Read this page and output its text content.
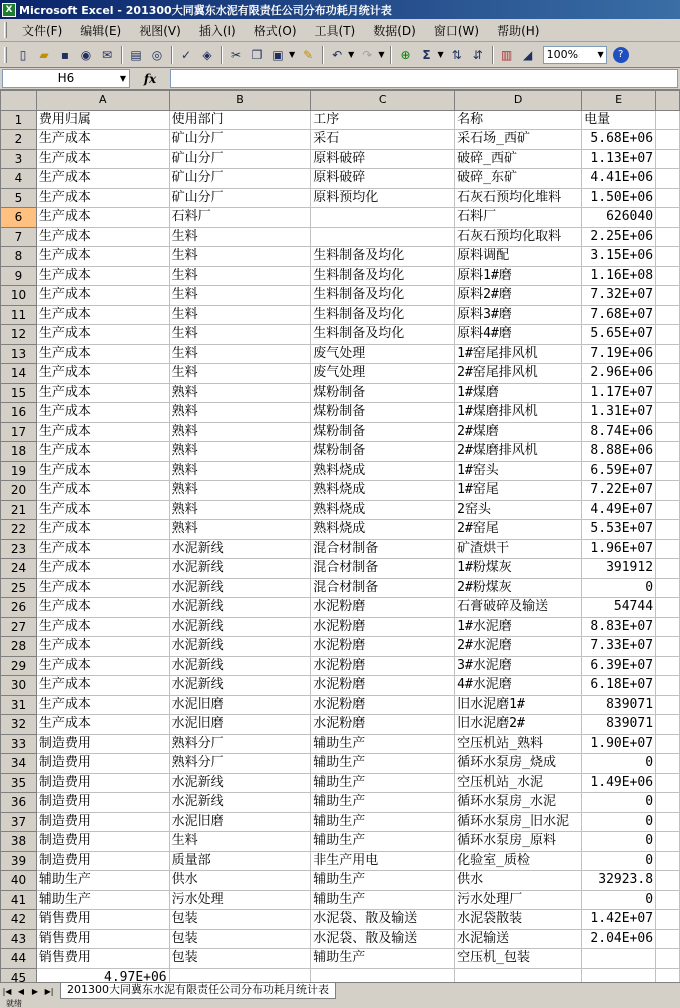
X Microsoft Excel - 201300大同冀东水泥有限责任公司分布功耗月统计表
文件(F)	编辑(E)	视图(V)	插入(I)	格式(O)	工具(T)	数据(D)	窗口(W)	帮助(H)
▯	▰	▪ ◉ ✉	▤ ◎	✓ ◈	✂ ❐ ▣ ▼ ✎	↶ ▼ ↷ ▼	⊕ Σ ▼ ⇅ ⇵	▥ ◢	100% ▼	?
H6	▼	fx
	A	B	C	D	E	
1	费用归属	使用部门	工序	名称	电量	
2	生产成本	矿山分厂	采石	采石场_西矿	5.68E+06	
3	生产成本	矿山分厂	原料破碎	破碎_西矿	1.13E+07	
4	生产成本	矿山分厂	原料破碎	破碎_东矿	4.41E+06	
5	生产成本	矿山分厂	原料预均化	石灰石预均化堆料	1.50E+06	
6	生产成本	石料厂		石料厂	626040	
7	生产成本	生料		石灰石预均化取料	2.25E+06	
8	生产成本	生料	生料制备及均化	原料调配	3.15E+06	
9	生产成本	生料	生料制备及均化	原料1#磨	1.16E+08	
10	生产成本	生料	生料制备及均化	原料2#磨	7.32E+07	
11	生产成本	生料	生料制备及均化	原料3#磨	7.68E+07	
12	生产成本	生料	生料制备及均化	原料4#磨	5.65E+07	
13	生产成本	生料	废气处理	1#窑尾排风机	7.19E+06	
14	生产成本	生料	废气处理	2#窑尾排风机	2.96E+06	
15	生产成本	熟料	煤粉制备	1#煤磨	1.17E+07	
16	生产成本	熟料	煤粉制备	1#煤磨排风机	1.31E+07	
17	生产成本	熟料	煤粉制备	2#煤磨	8.74E+06	
18	生产成本	熟料	煤粉制备	2#煤磨排风机	8.88E+06	
19	生产成本	熟料	熟料烧成	1#窑头	6.59E+07	
20	生产成本	熟料	熟料烧成	1#窑尾	7.22E+07	
21	生产成本	熟料	熟料烧成	2窑头	4.49E+07	
22	生产成本	熟料	熟料烧成	2#窑尾	5.53E+07	
23	生产成本	水泥新线	混合材制备	矿渣烘干	1.96E+07	
24	生产成本	水泥新线	混合材制备	1#粉煤灰	391912	
25	生产成本	水泥新线	混合材制备	2#粉煤灰	0	
26	生产成本	水泥新线	水泥粉磨	石膏破碎及输送	54744	
27	生产成本	水泥新线	水泥粉磨	1#水泥磨	8.83E+07	
28	生产成本	水泥新线	水泥粉磨	2#水泥磨	7.33E+07	
29	生产成本	水泥新线	水泥粉磨	3#水泥磨	6.39E+07	
30	生产成本	水泥新线	水泥粉磨	4#水泥磨	6.18E+07	
31	生产成本	水泥旧磨	水泥粉磨	旧水泥磨1#	839071	
32	生产成本	水泥旧磨	水泥粉磨	旧水泥磨2#	839071	
33	制造费用	熟料分厂	辅助生产	空压机站_熟料	1.90E+07	
34	制造费用	熟料分厂	辅助生产	循环水泵房_烧成	0	
35	制造费用	水泥新线	辅助生产	空压机站_水泥	1.49E+06	
36	制造费用	水泥新线	辅助生产	循环水泵房_水泥	0	
37	制造费用	水泥旧磨	辅助生产	循环水泵房_旧水泥	0	
38	制造费用	生料	辅助生产	循环水泵房_原料	0	
39	制造费用	质量部	非生产用电	化验室_质检	0	
40	辅助生产	供水	辅助生产	供水	32923.8	
41	辅助生产	污水处理	辅助生产	污水处理厂	0	
42	销售费用	包装	水泥袋、散及输送	水泥袋散装	1.42E+07	
43	销售费用	包装	水泥袋、散及输送	水泥输送	2.04E+06	
44	销售费用	包装	辅助生产	空压机_包装		
45	4.97E+06					
|◀ ◀ ▶ ▶|	201300大同冀东水泥有限责任公司分布功耗月统计表
就绪
